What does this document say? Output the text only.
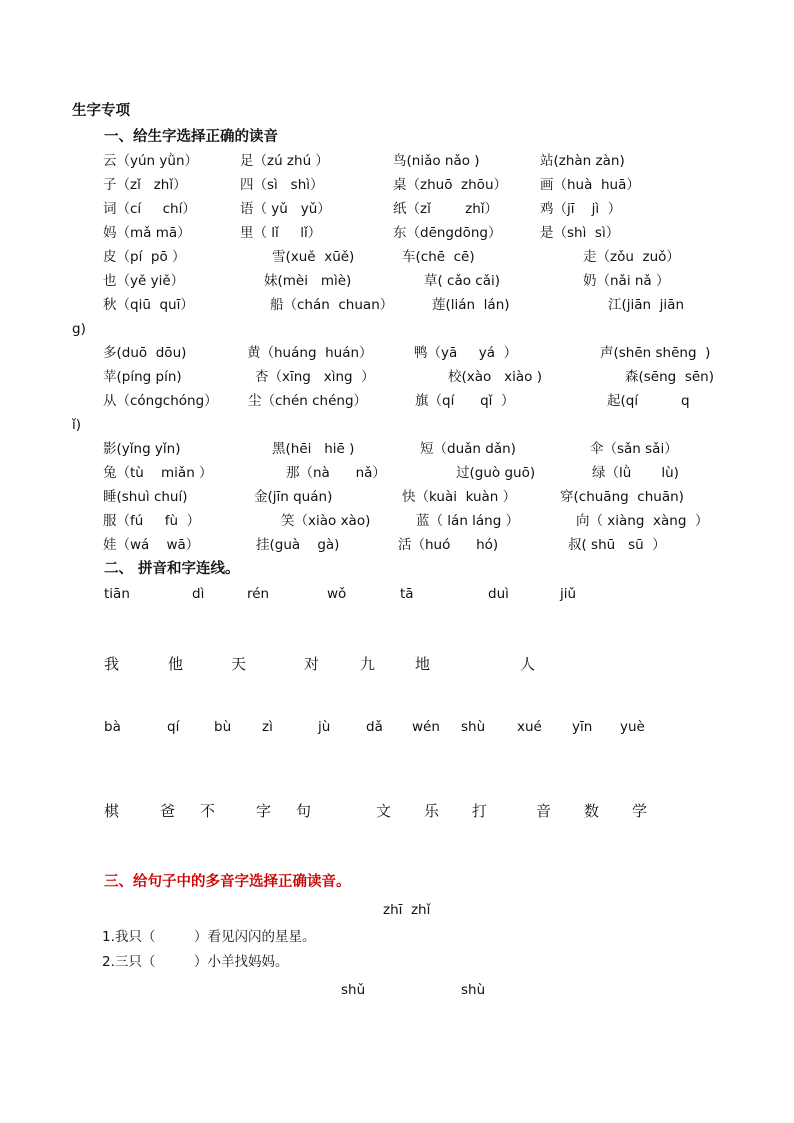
生字专项
一、给生字选择正确的读音
云（yún yǜn）	足（zú zhú ）	鸟(niǎo nǎo )	站(zhàn zàn)
子（zǐ   zhǐ）	四（sì   shì）	桌（zhuō  zhōu） 画（huà  huā）
词（cí     chí）	语（ yǔ   yǔ）	纸（zǐ        zhǐ）	鸡（jī    jì  ）
妈（mǎ mā）	里（ lǐ     lǐ）	东（dēngdōng）	是（shì  sì）
皮（pí  pō ）	雪(xuě  xūě)	车(chē  cē)	走（zǒu  zuǒ）
也（yě yiě）	妹(mèi   mìè)	草( cǎo cǎi)	奶（nǎi nǎ ）
秋（qiū  quī）	船（chán  chuan）	莲(lián  lán)	江(jiān  jiān
多(duō  dōu)	黄（huáng  huán）	鸭（yā     yá  ）	声(shēn shēng  )
苹(píng pín)	杏（xīng   xìng  ）	校(xào   xiào )	森(sēng  sēn)
从（cóngchóng） 尘（chén chéng）	旗（qí      qǐ  ）	起(qí          q
影(yǐng yǐn)	黑(hēi   hiē )	短（duǎn dǎn)	伞（sǎn sǎi）
兔（tù    miǎn ）	那（nà      nǎ）	过(guò guō)	绿（lǜ       lù)
睡(shuì chuí)	金(jīn quán)	快（kuài  kuàn ）	穿(chuāng  chuān)
服（fú     fù  ）	笑（xiào xào)	蓝（ lán láng ）	向（ xiàng  xàng  ）
娃（wá    wā）	挂(guà    gà)	活（huó      hó)	叔( shū   sū  ）
g)
ǐ)
二、 拼音和字连线。
tiān	dì	rén	wǒ	tā	duì	jiǔ
我	他	天	对	九	地	人
bà	qí	bù zì	jù	dǎ wén shù xué yīn yuè
棋	爸 不	字 句	文 乐 打	音 数 学
三、给句子中的多音字选择正确读音。
zhī  zhǐ
1.我只（         ）看见闪闪的星星。
2.三只（         ）小羊找妈妈。
shǔ	shù
